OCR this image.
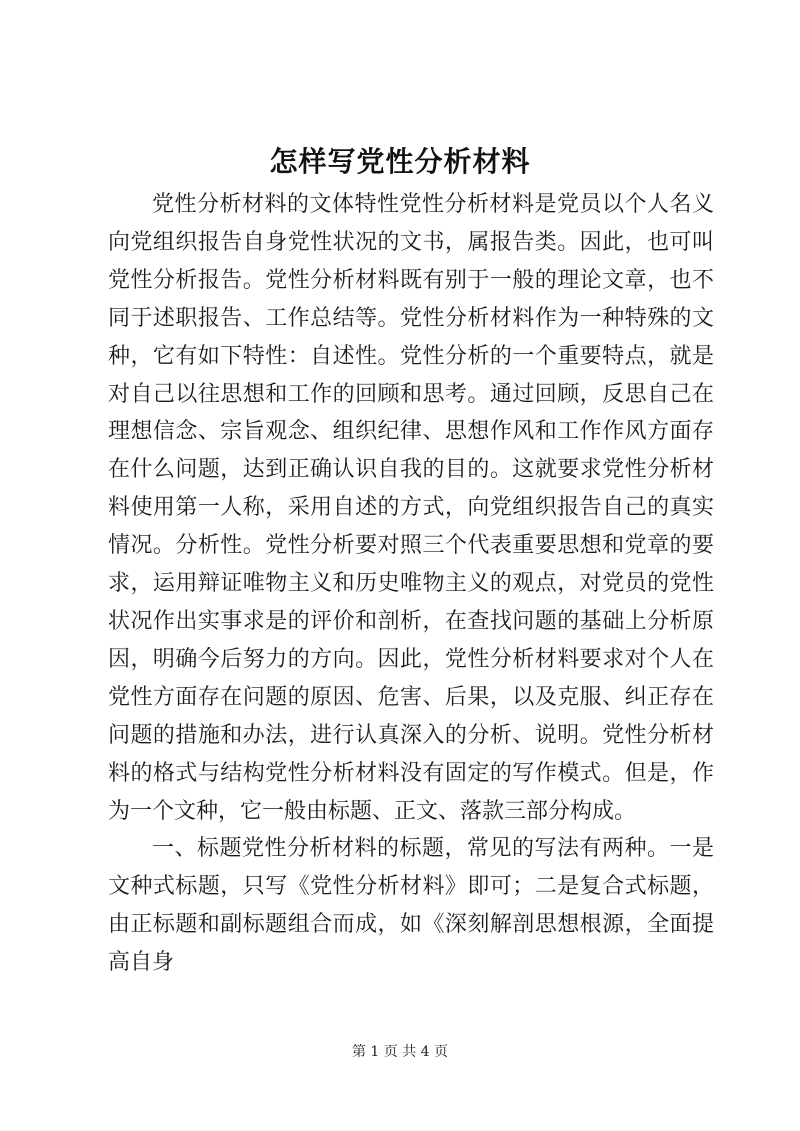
怎样写党性分析材料

党性分析材料的文体特性党性分析材料是党员以个人名义向党组织报告自身党性状况的文书，属报告类。因此，也可叫党性分析报告。党性分析材料既有别于一般的理论文章，也不同于述职报告、工作总结等。党性分析材料作为一种特殊的文种，它有如下特性：自述性。党性分析的一个重要特点，就是对自己以往思想和工作的回顾和思考。通过回顾，反思自己在理想信念、宗旨观念、组织纪律、思想作风和工作作风方面存在什么问题，达到正确认识自我的目的。这就要求党性分析材料使用第一人称，采用自述的方式，向党组织报告自己的真实情况。分析性。党性分析要对照三个代表重要思想和党章的要求，运用辩证唯物主义和历史唯物主义的观点，对党员的党性状况作出实事求是的评价和剖析，在查找问题的基础上分析原因，明确今后努力的方向。因此，党性分析材料要求对个人在党性方面存在问题的原因、危害、后果，以及克服、纠正存在问题的措施和办法，进行认真深入的分析、说明。党性分析材料的格式与结构党性分析材料没有固定的写作模式。但是，作为一个文种，它一般由标题、正文、落款三部分构成。

一、标题党性分析材料的标题，常见的写法有两种。一是文种式标题，只写《党性分析材料》即可；二是复合式标题，由正标题和副标题组合而成，如《深刻解剖思想根源，全面提高自身

第 1 页 共 4 页
